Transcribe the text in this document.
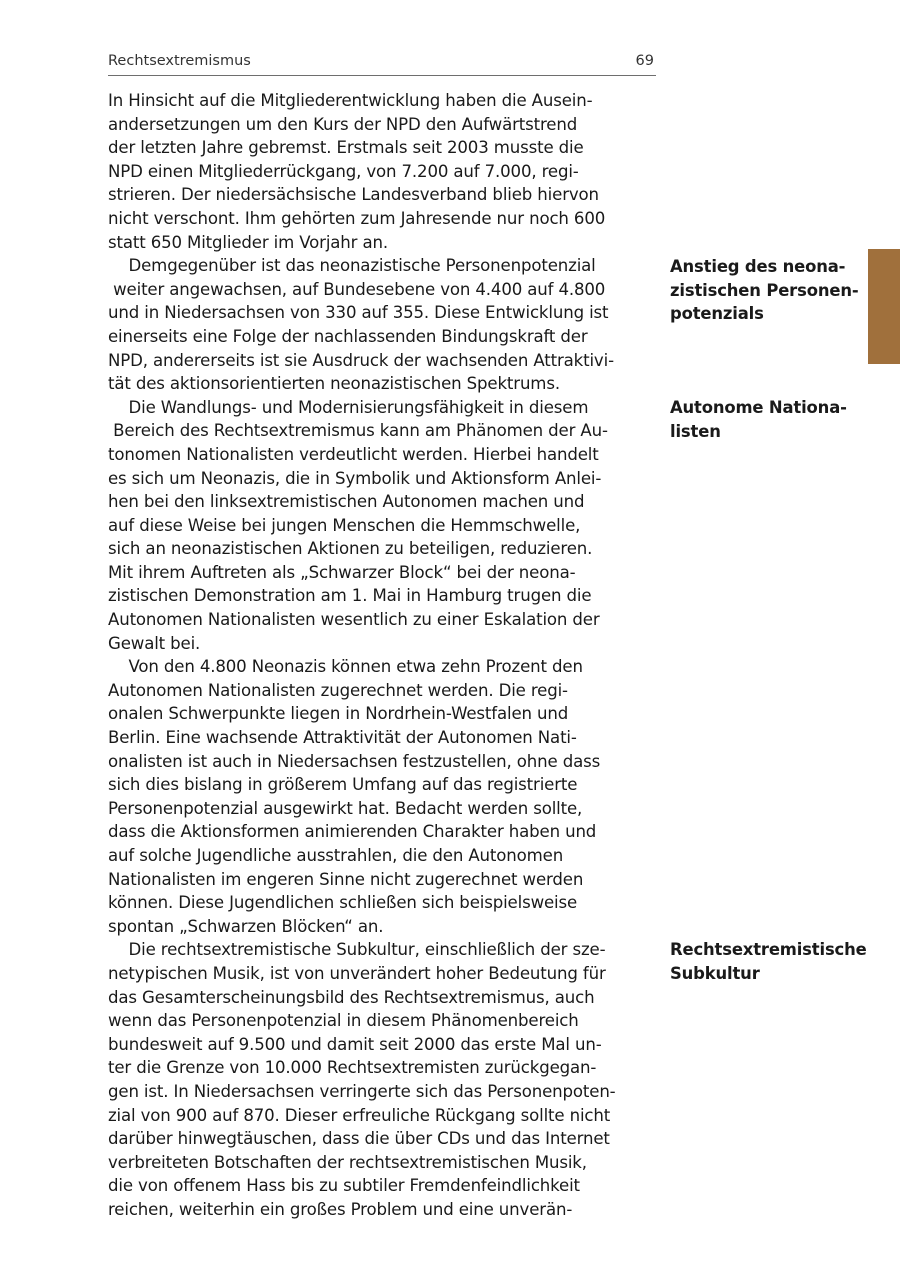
Rechtsextremismus	69
In Hinsicht auf die Mitgliederentwicklung haben die Ausein-
andersetzungen um den Kurs der NPD den Aufwärtstrend
der letzten Jahre gebremst. Erstmals seit 2003 musste die
NPD einen Mitgliederrückgang, von 7.200 auf 7.000, regi-
strieren. Der niedersächsische Landesverband blieb hiervon
nicht verschont. Ihm gehörten zum Jahresende nur noch 600
statt 650 Mitglieder im Vorjahr an.
Demgegenüber ist das neonazistische Personenpotenzial
weiter angewachsen, auf Bundesebene von 4.400 auf 4.800
und in Niedersachsen von 330 auf 355. Diese Entwicklung ist
einerseits eine Folge der nachlassenden Bindungskraft der
NPD, andererseits ist sie Ausdruck der wachsenden Attraktivi-
tät des aktionsorientierten neonazistischen Spektrums.
Die Wandlungs- und Modernisierungsfähigkeit in diesem
Bereich des Rechtsextremismus kann am Phänomen der Au-
tonomen Nationalisten verdeutlicht werden. Hierbei handelt
es sich um Neonazis, die in Symbolik und Aktionsform Anlei-
hen bei den linksextremistischen Autonomen machen und
auf diese Weise bei jungen Menschen die Hemmschwelle,
sich an neonazistischen Aktionen zu beteiligen, reduzieren.
Mit ihrem Auftreten als „Schwarzer Block“ bei der neona-
zistischen Demonstration am 1. Mai in Hamburg trugen die
Autonomen Nationalisten wesentlich zu einer Eskalation der
Gewalt bei.
Von den 4.800 Neonazis können etwa zehn Prozent den
Autonomen Nationalisten zugerechnet werden. Die regi-
onalen Schwerpunkte liegen in Nordrhein-Westfalen und
Berlin. Eine wachsende Attraktivität der Autonomen Nati-
onalisten ist auch in Niedersachsen festzustellen, ohne dass
sich dies bislang in größerem Umfang auf das registrierte
Personenpotenzial ausgewirkt hat. Bedacht werden sollte,
dass die Aktionsformen animierenden Charakter haben und
auf solche Jugendliche ausstrahlen, die den Autonomen
Nationalisten im engeren Sinne nicht zugerechnet werden
können. Diese Jugendlichen schließen sich beispielsweise
spontan „Schwarzen Blöcken“ an.
Die rechtsextremistische Subkultur, einschließlich der sze-
netypischen Musik, ist von unverändert hoher Bedeutung für
das Gesamterscheinungsbild des Rechtsextremismus, auch
wenn das Personenpotenzial in diesem Phänomenbereich
bundesweit auf 9.500 und damit seit 2000 das erste Mal un-
ter die Grenze von 10.000 Rechtsextremisten zurückgegan-
gen ist. In Niedersachsen verringerte sich das Personenpoten-
zial von 900 auf 870. Dieser erfreuliche Rückgang sollte nicht
darüber hinwegtäuschen, dass die über CDs und das Internet
verbreiteten Botschaften der rechtsextremistischen Musik,
die von offenem Hass bis zu subtiler Fremdenfeindlichkeit
reichen, weiterhin ein großes Problem und eine unverän-
Anstieg des neona-
zistischen Personen-
potenzials
Autonome Nationa-
listen
Rechtsextremistische
Subkultur
